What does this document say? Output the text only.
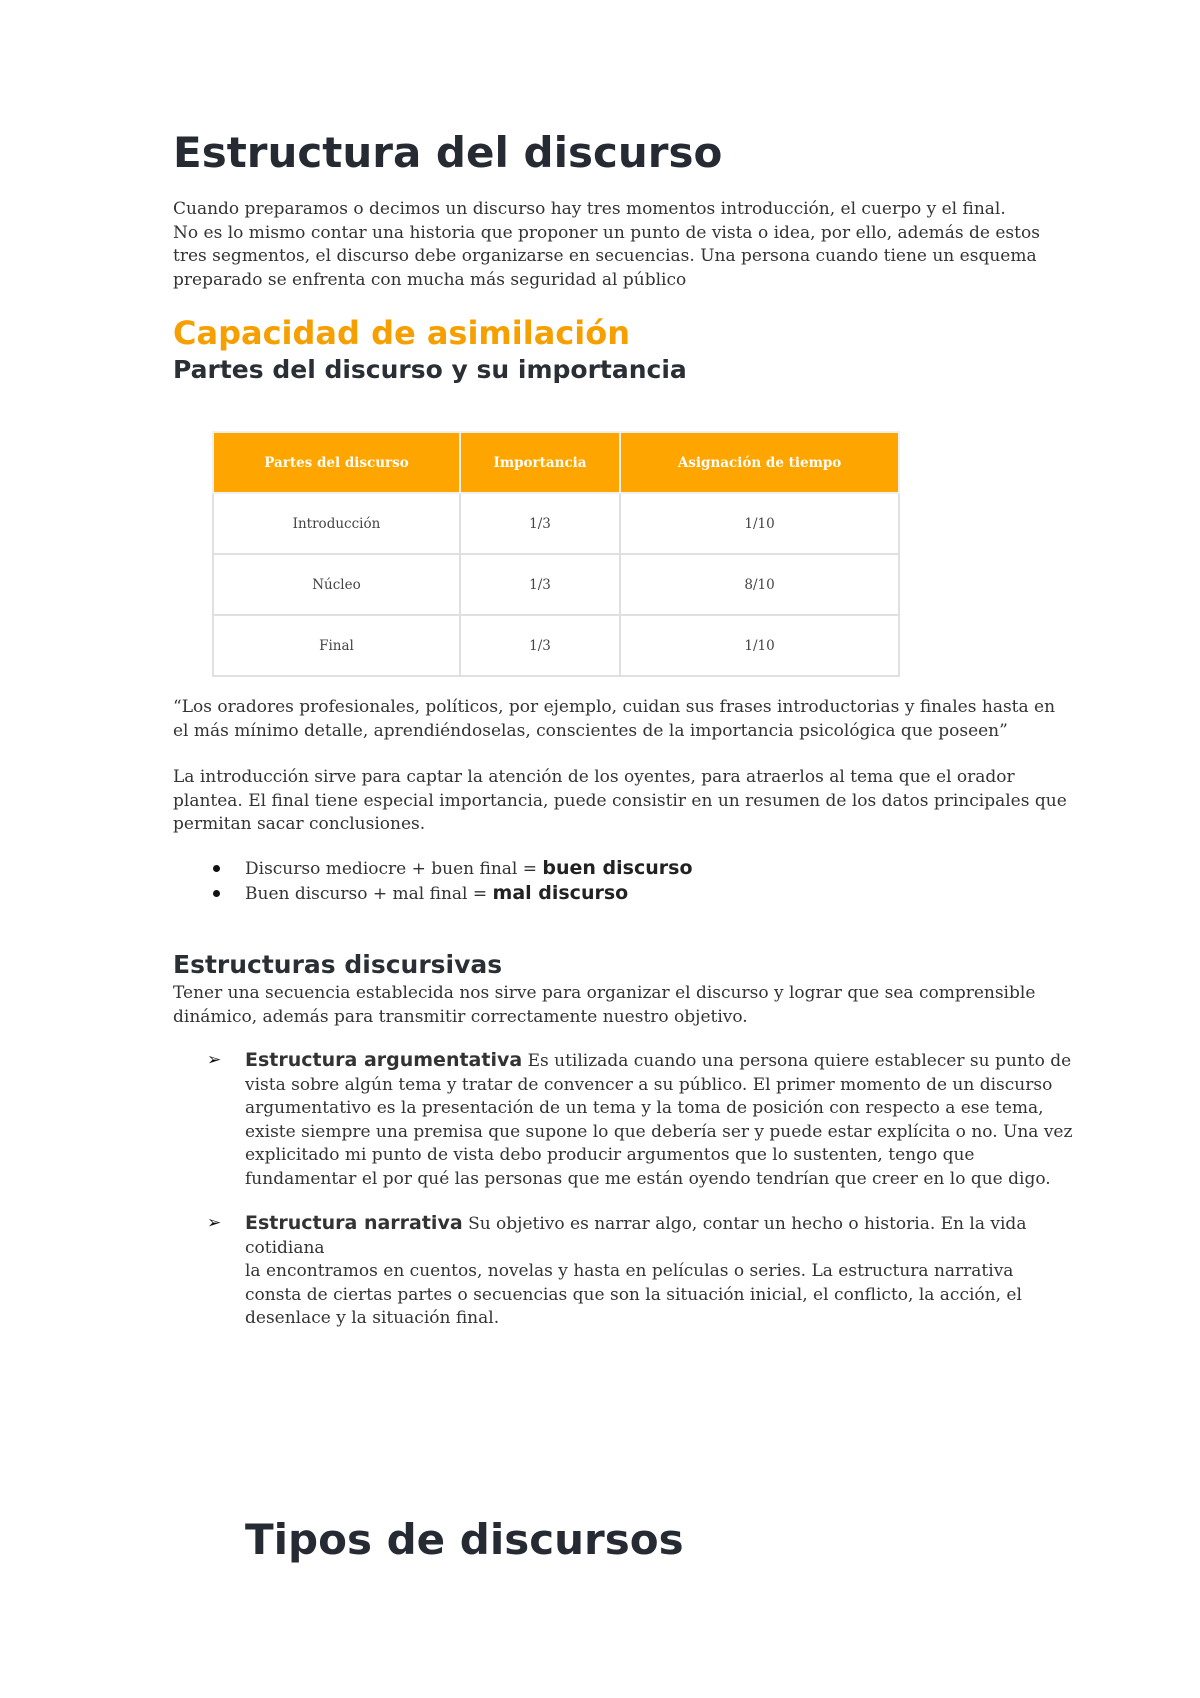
Estructura del discurso

Cuando preparamos o decimos un discurso hay tres momentos introducción, el cuerpo y el final.

No es lo mismo contar una historia que proponer un punto de vista o idea, por ello, además de estos tres segmentos, el discurso debe organizarse en secuencias. Una persona cuando tiene un esquema preparado se enfrenta con mucha más seguridad al público

Capacidad de asimilación
Partes del discurso y su importancia
Partes del discurso	Importancia	Asignación de tiempo
Introducción	1/3	1/10
Núcleo	1/3	8/10
Final	1/3	1/10

“Los oradores profesionales, políticos, por ejemplo, cuidan sus frases introductorias y finales hasta en el más mínimo detalle, aprendiéndoselas, conscientes de la importancia psicológica que poseen”

La introducción sirve para captar la atención de los oyentes, para atraerlos al tema que el orador plantea. El final tiene especial importancia, puede consistir en un resumen de los datos principales que permitan sacar conclusiones.

Discurso mediocre + buen final = buen discurso
Buen discurso + mal final = mal discurso
Estructuras discursivas

Tener una secuencia establecida nos sirve para organizar el discurso y lograr que sea comprensible dinámico, además para transmitir correctamente nuestro objetivo.

➢ Estructura argumentativa Es utilizada cuando una persona quiere establecer su punto de vista sobre algún tema y tratar de convencer a su público. El primer momento de un discurso argumentativo es la presentación de un tema y la toma de posición con respecto a ese tema, existe siempre una premisa que supone lo que debería ser y puede estar explícita o no. Una vez explicitado mi punto de vista debo producir argumentos que lo sustenten, tengo que fundamentar el por qué las personas que me están oyendo tendrían que creer en lo que digo.
➢ Estructura narrativa Su objetivo es narrar algo, contar un hecho o historia. En la vida cotidiana
la encontramos en cuentos, novelas y hasta en películas o series. La estructura narrativa consta de ciertas partes o secuencias que son la situación inicial, el conflicto, la acción, el desenlace y la situación final.
Tipos de discursos
